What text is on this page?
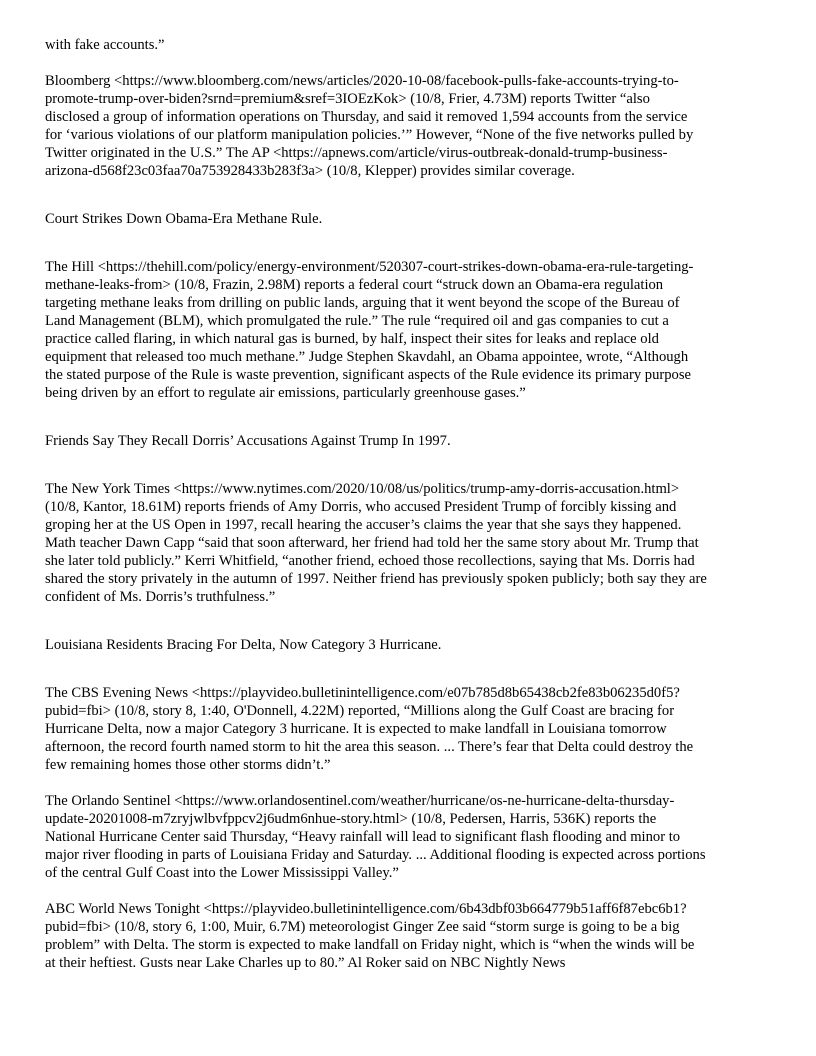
with fake accounts.”

Bloomberg <https://www.bloomberg.com/news/articles/2020-10-08/facebook-pulls-fake-accounts-trying-to-
promote-trump-over-biden?srnd=premium&sref=3IOEzKok> (10/8, Frier, 4.73M) reports Twitter “also
disclosed a group of information operations on Thursday, and said it removed 1,594 accounts from the service
for ‘various violations of our platform manipulation policies.’” However, “None of the five networks pulled by
Twitter originated in the U.S.” The AP <https://apnews.com/article/virus-outbreak-donald-trump-business-
arizona-d568f23c03faa70a753928433b283f3a> (10/8, Klepper) provides similar coverage.

Court Strikes Down Obama-Era Methane Rule.

The Hill <https://thehill.com/policy/energy-environment/520307-court-strikes-down-obama-era-rule-targeting-
methane-leaks-from> (10/8, Frazin, 2.98M) reports a federal court “struck down an Obama-era regulation
targeting methane leaks from drilling on public lands, arguing that it went beyond the scope of the Bureau of
Land Management (BLM), which promulgated the rule.” The rule “required oil and gas companies to cut a
practice called flaring, in which natural gas is burned, by half, inspect their sites for leaks and replace old
equipment that released too much methane.” Judge Stephen Skavdahl, an Obama appointee, wrote, “Although
the stated purpose of the Rule is waste prevention, significant aspects of the Rule evidence its primary purpose
being driven by an effort to regulate air emissions, particularly greenhouse gases.”

Friends Say They Recall Dorris’ Accusations Against Trump In 1997.

The New York Times <https://www.nytimes.com/2020/10/08/us/politics/trump-amy-dorris-accusation.html>
(10/8, Kantor, 18.61M) reports friends of Amy Dorris, who accused President Trump of forcibly kissing and
groping her at the US Open in 1997, recall hearing the accuser’s claims the year that she says they happened.
Math teacher Dawn Capp “said that soon afterward, her friend had told her the same story about Mr. Trump that
she later told publicly.” Kerri Whitfield, “another friend, echoed those recollections, saying that Ms. Dorris had
shared the story privately in the autumn of 1997. Neither friend has previously spoken publicly; both say they are
confident of Ms. Dorris’s truthfulness.”

Louisiana Residents Bracing For Delta, Now Category 3 Hurricane.

The CBS Evening News <https://playvideo.bulletinintelligence.com/e07b785d8b65438cb2fe83b06235d0f5?
pubid=fbi> (10/8, story 8, 1:40, O'Donnell, 4.22M) reported, “Millions along the Gulf Coast are bracing for
Hurricane Delta, now a major Category 3 hurricane. It is expected to make landfall in Louisiana tomorrow
afternoon, the record fourth named storm to hit the area this season. ... There’s fear that Delta could destroy the
few remaining homes those other storms didn’t.”

The Orlando Sentinel <https://www.orlandosentinel.com/weather/hurricane/os-ne-hurricane-delta-thursday-
update-20201008-m7zryjwlbvfppcv2j6udm6nhue-story.html> (10/8, Pedersen, Harris, 536K) reports the
National Hurricane Center said Thursday, “Heavy rainfall will lead to significant flash flooding and minor to
major river flooding in parts of Louisiana Friday and Saturday. ... Additional flooding is expected across portions
of the central Gulf Coast into the Lower Mississippi Valley.”

ABC World News Tonight <https://playvideo.bulletinintelligence.com/6b43dbf03b664779b51aff6f87ebc6b1?
pubid=fbi> (10/8, story 6, 1:00, Muir, 6.7M) meteorologist Ginger Zee said “storm surge is going to be a big
problem” with Delta. The storm is expected to make landfall on Friday night, which is “when the winds will be
at their heftiest. Gusts near Lake Charles up to 80.” Al Roker said on NBC Nightly News
